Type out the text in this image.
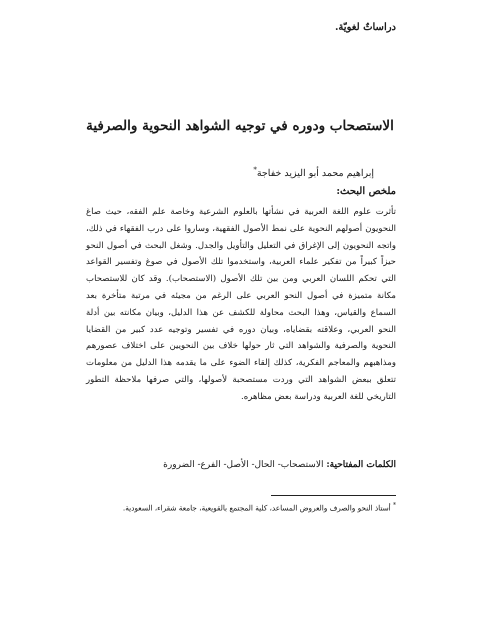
دراساتٌ لغويّة.
الاستصحاب ودوره في توجيه الشواهد النحوية والصرفية
إبراهيم محمد أبو اليزيد خفاجة*
ملخص البحث:
تأثرت علوم اللغة العربية في نشأتها بالعلوم الشرعية وخاصة علم الفقه، حيث صاغ النحويون أصولهم النحوية على نمط الأصول الفقهية، وساروا على درب الفقهاء في ذلك، واتجه النحويون إلى الإغراق في التعليل والتأويل والجدل. وشغل البحث في أصول النحو حيزاً كبيراً من تفكير علماء العربية، واستخدموا تلك الأصول في صوغ وتفسير القواعد التي تحكم اللسان العربي ومن بين تلك الأصول (الاستصحاب). وقد كان للاستصحاب مكانة متميزة في أصول النحو العربي على الرغم من مجيئه في مرتبة متأخرة بعد السماع والقياس، وهذا البحث محاولة للكشف عن هذا الدليل، وبيان مكانته بين أدلة النحو العربي، وعلاقته بقضاياه، وبيان دوره في تفسير وتوجيه عدد كبير من القضايا النحوية والصرفية والشواهد التي ثار حولها خلاف بين النحويين على اختلاف عصورهم ومذاهبهم والمعاجم الفكرية، كذلك إلقاء الضوء على ما يقدمه هذا الدليل من معلومات تتعلق ببعض الشواهد التي وردت مستصحبة لأصولها، والتي صرفها ملاحظة التطور التاريخي للغة العربية ودراسة بعض مظاهره.
الكلمات المفتاحية: الاستصحاب- الحال- الأصل- الفرع- الضرورة
* أستاذ النحو والصرف والعروض المساعد، كلية المجتمع بالقويعية، جامعة شقراء، السعودية.
